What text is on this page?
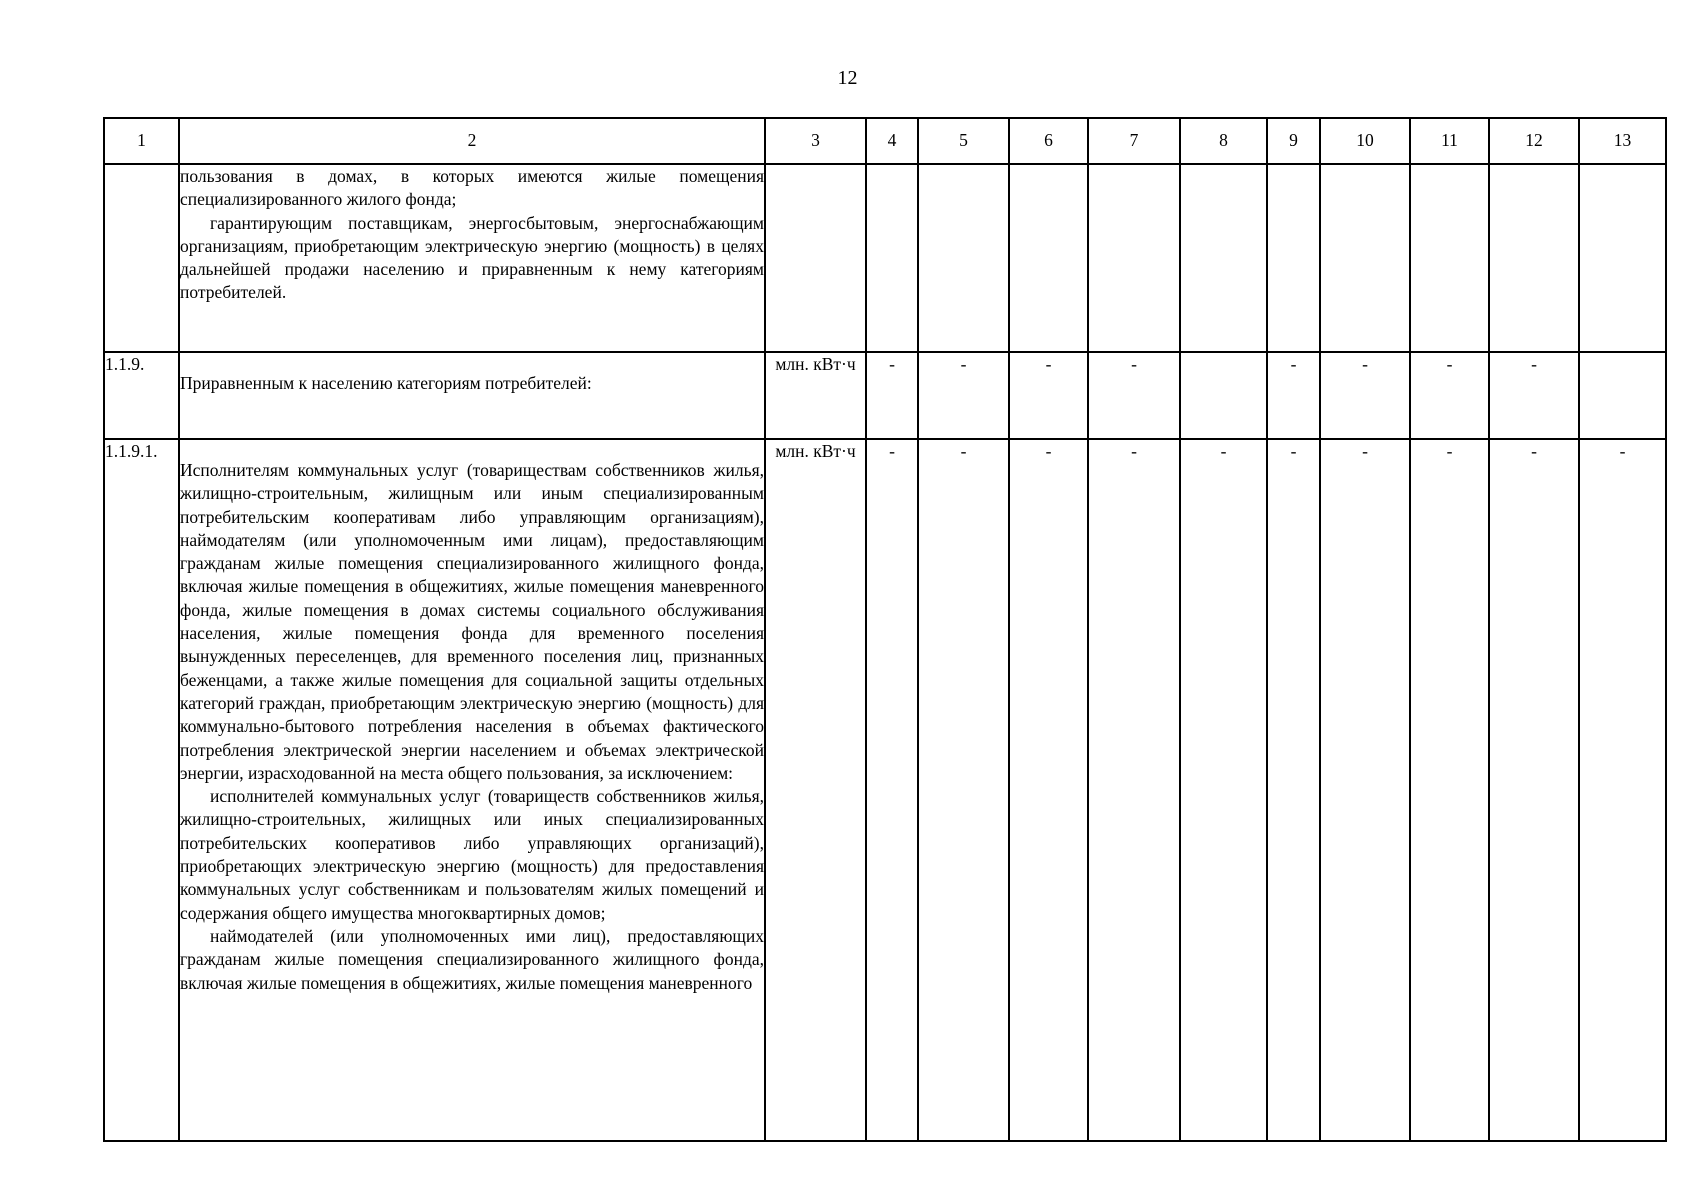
12
1	2	3	4	5	6	7	8	9	10	11	12	13

	пользования в домах, в которых имеются жилые помещения специализированного жилого фонда;

гарантирующим поставщикам, энергосбытовым, энергоснабжающим организациям, приобретающим электрическую энергию (мощность) в целях дальнейшей продажи населению и приравненным к нему категориям потребителей.											

1.1.9.	Приравненным к населению категориям потребителей:	млн. кВт·ч	-	-	-	-		-	-	-	-	
1.1.9.1.	Исполнителям коммунальных услуг (товариществам собственников жилья, жилищно-строительным, жилищным или иным специализированным потребительским кооперативам либо управляющим организациям), наймодателям (или уполномоченным ими лицам), предоставляющим гражданам жилые помещения специализированного жилищного фонда, включая жилые помещения в общежитиях, жилые помещения маневренного фонда, жилые помещения в домах системы социального обслуживания населения, жилые помещения фонда для временного поселения вынужденных переселенцев, для временного поселения лиц, признанных беженцами, а также жилые помещения для социальной защиты отдельных категорий граждан, приобретающим электрическую энергию (мощность) для коммунально-бытового потребления населения в объемах фактического потребления электрической энергии населением и объемах электрической энергии, израсходованной на места общего пользования, за исключением:

исполнителей коммунальных услуг (товариществ собственников жилья, жилищно-строительных, жилищных или иных специализированных потребительских кооперативов либо управляющих организаций), приобретающих электрическую энергию (мощность) для предоставления коммунальных услуг собственникам и пользователям жилых помещений и содержания общего имущества многоквартирных домов;

наймодателей (или уполномоченных ими лиц), предоставляющих гражданам жилые помещения специализированного жилищного фонда, включая жилые помещения в общежитиях, жилые помещения маневренного	млн. кВт·ч	-	-	-	-	-	-	-	-	-	-
